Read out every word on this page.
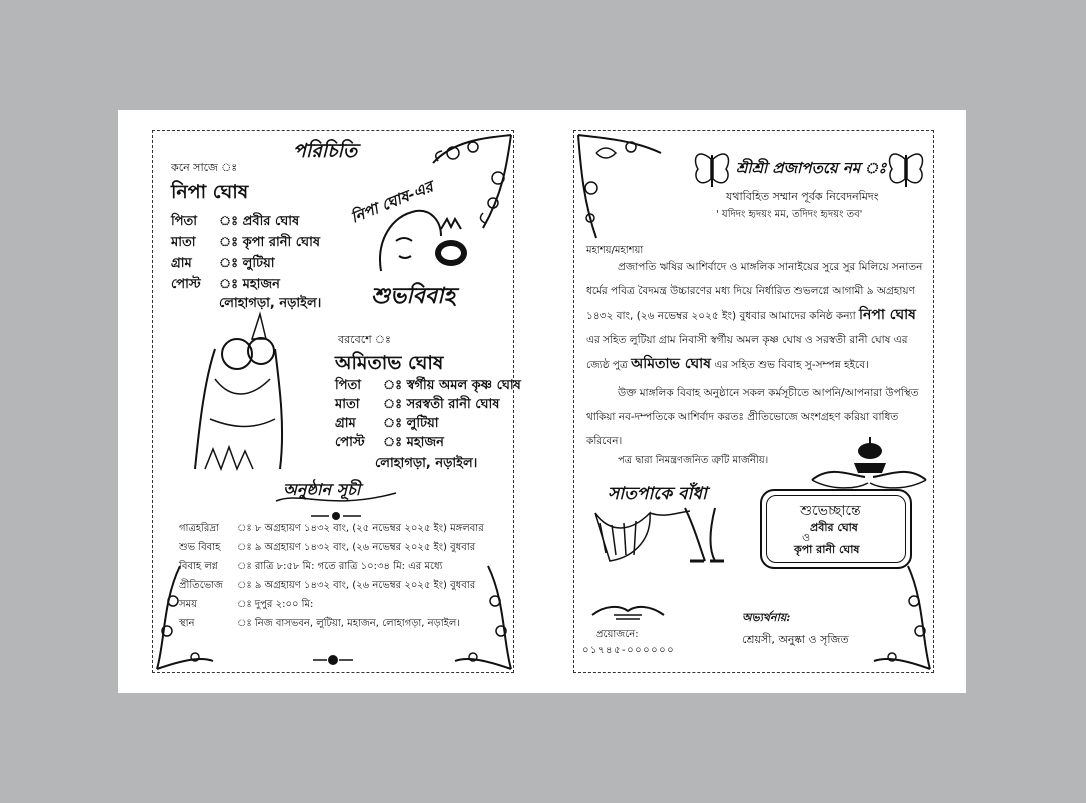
পরিচিতি
কনে সাজে ঃ
নিপা ঘোষ
পিতা ঃ প্রবীর ঘোষ
মাতা ঃ কৃপা রানী ঘোষ
গ্রাম ঃ লুটিয়া
পোস্ট ঃ মহাজন
লোহাগড়া, নড়াইল।
নিপা ঘোষ-এর
শুভবিবাহ
বরবেশে ঃ
অমিতাভ ঘোষ
পিতা ঃ স্বর্গীয় অমল কৃষ্ণ ঘোষ
মাতা ঃ সরস্বতী রানী ঘোষ
গ্রাম ঃ লুটিয়া
পোস্ট ঃ মহাজন
লোহাগড়া, নড়াইল।
অনুষ্ঠান সূচী
গাত্রহরিদ্রা ঃ ৮ অগ্রহায়ণ ১৪৩২ বাং, (২৫ নভেম্বর ২০২৫ ইং) মঙ্গলবার
শুভ বিবাহ ঃ ৯ অগ্রহায়ণ ১৪৩২ বাং, (২৬ নভেম্বর ২০২৫ ইং) বুধবার
বিবাহ লগ্ন ঃ রাত্রি ৮:৫৮ মি: গতে রাত্রি ১০:৩৪ মি: এর মধ্যে
প্রীতিভোজ ঃ ৯ অগ্রহায়ণ ১৪৩২ বাং, (২৬ নভেম্বর ২০২৫ ইং) বুধবার
সময়	ঃ দুপুর ২:০০ মি:
স্থান	ঃ নিজ বাসভবন, লুটিয়া, মহাজন, লোহাগড়া, নড়াইল।
শ্রীশ্রী প্রজাপতয়ে নম ঃ
যথাবিহিত সম্মান পূর্বক নিবেদনমিদং
' যদিদং হৃদয়ং মম, তদিদং হৃদয়ং তব'
মহাশয়/মহাশয়া
প্রজাপতি ঋষির আশির্বাদে ও মাঙ্গলিক সানাইয়ের সুরে সুর মিলিয়ে সনাতন ধর্মের পবিত্র বৈদমন্ত্র উচ্চারণের মধ্য দিয়ে নির্ধারিত শুভলগ্নে আগামী ৯ অগ্রহায়ণ ১৪৩২ বাং, (২৬ নভেম্বর ২০২৫ ইং) বুধবার আমাদের কনিষ্ঠ কন্যা নিপা ঘোষ এর সহিত লুটিয়া গ্রাম নিবাসী স্বর্গীয় অমল কৃষ্ণ ঘোষ ও সরস্বতী রানী ঘোষ এর জ্যেষ্ঠ পুত্র অমিতাভ ঘোষ এর সহিত শুভ বিবাহ সু-সম্পন্ন হইবে।
উক্ত মাঙ্গলিক বিবাহ অনুষ্ঠানে সকল কর্মসূচীতে আপনি/আপনারা উপস্থিত থাকিয়া নব-দম্পতিকে আশির্বাদ করতঃ প্রীতিভোজে অংশগ্রহণ করিয়া বাধিত করিবেন।
পত্র দ্বারা নিমন্ত্রণজনিত ত্রুটি মার্জনীয়।
সাতপাকে বাঁধা
শুভেচ্ছান্তে
প্রবীর ঘোষ
ও
কৃপা রানী ঘোষ
প্রয়োজনে:
০১৭৪৫-০০০০০০
অভ্যর্থনায়:
শ্রেয়সী, অনুষ্কা ও সৃজিত
